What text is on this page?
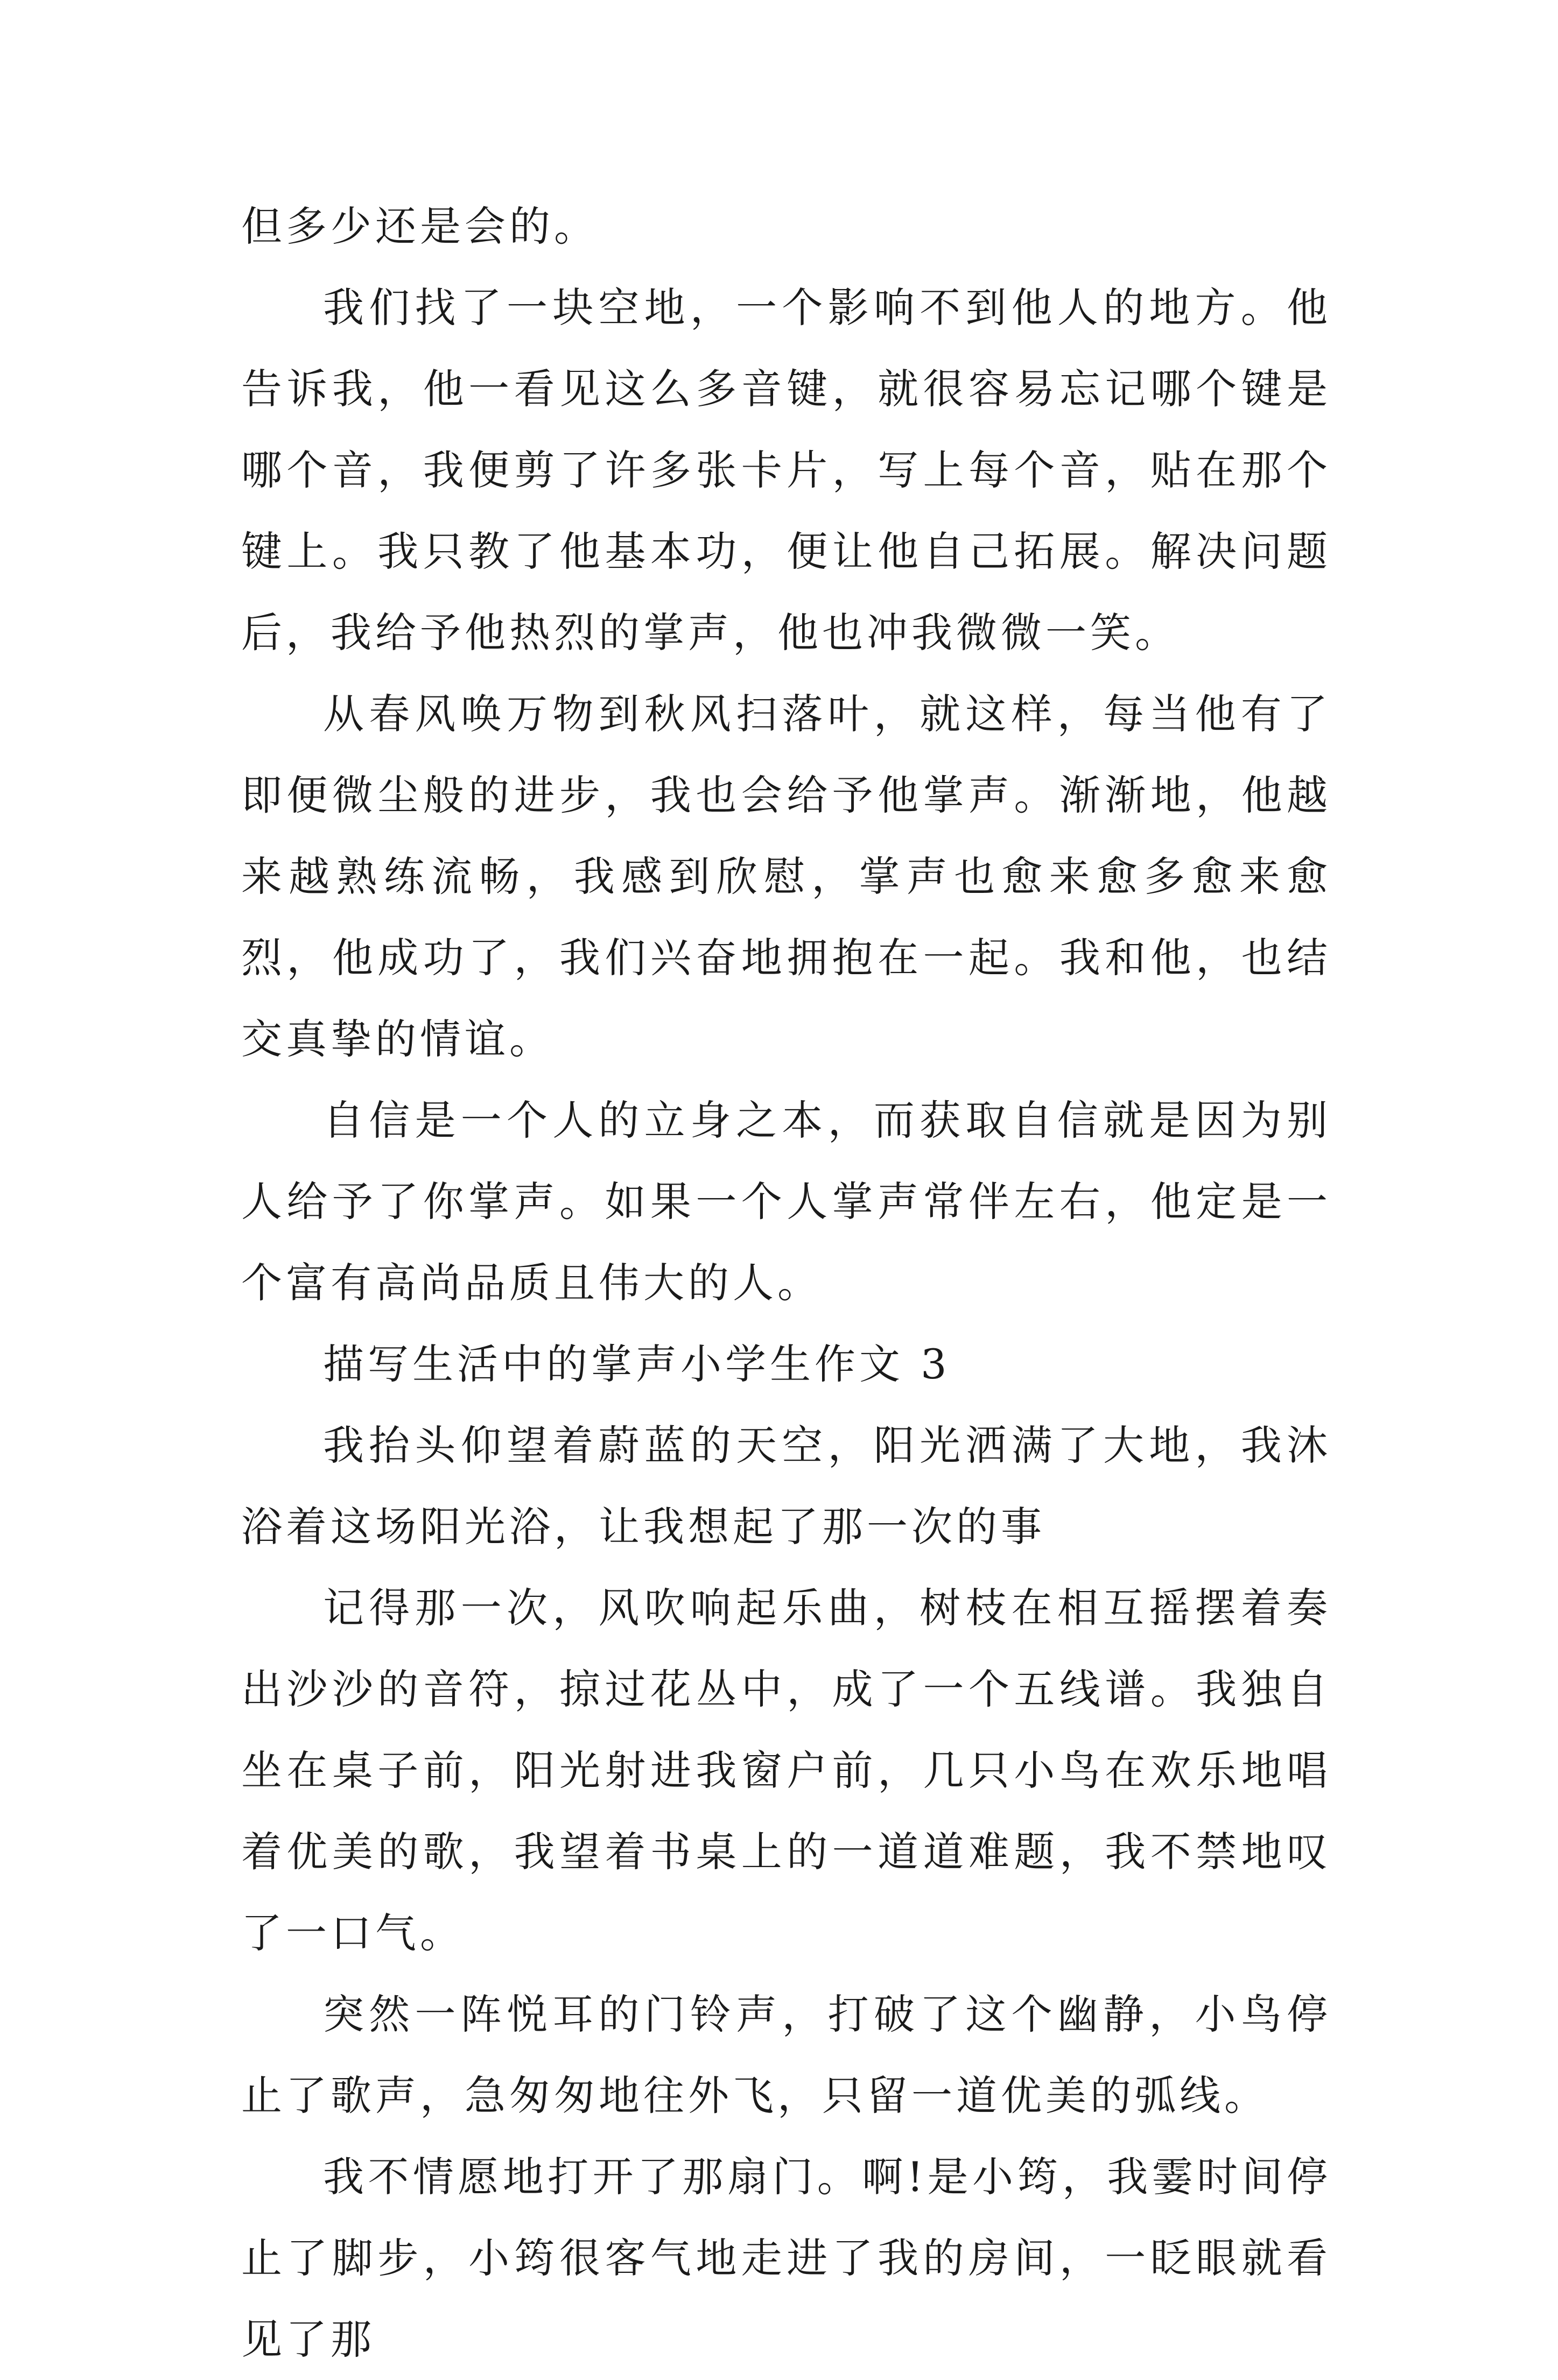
但多少还是会的。

我们找了一块空地，一个影响不到他人的地方。他告诉我，他一看见这么多音键，就很容易忘记哪个键是哪个音，我便剪了许多张卡片，写上每个音，贴在那个键上。我只教了他基本功，便让他自己拓展。解决问题后，我给予他热烈的掌声，他也冲我微微一笑。

从春风唤万物到秋风扫落叶，就这样，每当他有了即便微尘般的进步，我也会给予他掌声。渐渐地，他越来越熟练流畅，我感到欣慰，掌声也愈来愈多愈来愈烈，他成功了，我们兴奋地拥抱在一起。我和他，也结交真挚的情谊。

自信是一个人的立身之本，而获取自信就是因为别人给予了你掌声。如果一个人掌声常伴左右，他定是一个富有高尚品质且伟大的人。

描写生活中的掌声小学生作文 3

我抬头仰望着蔚蓝的天空，阳光洒满了大地，我沐浴着这场阳光浴，让我想起了那一次的事

记得那一次，风吹响起乐曲，树枝在相互摇摆着奏出沙沙的音符，掠过花丛中，成了一个五线谱。我独自坐在桌子前，阳光射进我窗户前，几只小鸟在欢乐地唱着优美的歌，我望着书桌上的一道道难题，我不禁地叹了一口气。

突然一阵悦耳的门铃声，打破了这个幽静，小鸟停止了歌声，急匆匆地往外飞，只留一道优美的弧线。

我不情愿地打开了那扇门。啊!是小筠，我霎时间停止了脚步，小筠很客气地走进了我的房间，一眨眼就看见了那
